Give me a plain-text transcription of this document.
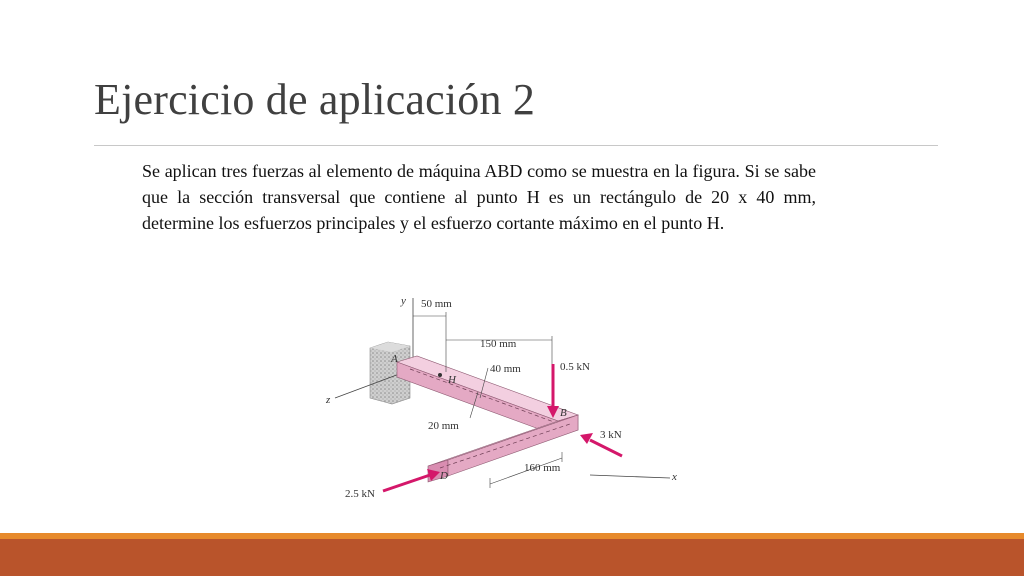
Ejercicio de aplicación 2

Se aplican tres fuerzas al elemento de máquina ABD como se muestra en la figura. Si se sabe que la sección transversal que contiene al punto H es un rectángulo de 20 x 40 mm, determine los esfuerzos principales y el esfuerzo cortante máximo en el punto H.

y
z
x
50 mm
150 mm
40 mm
20 mm
160 mm
A
H
B
D
0.5 kN
3 kN
2.5 kN
